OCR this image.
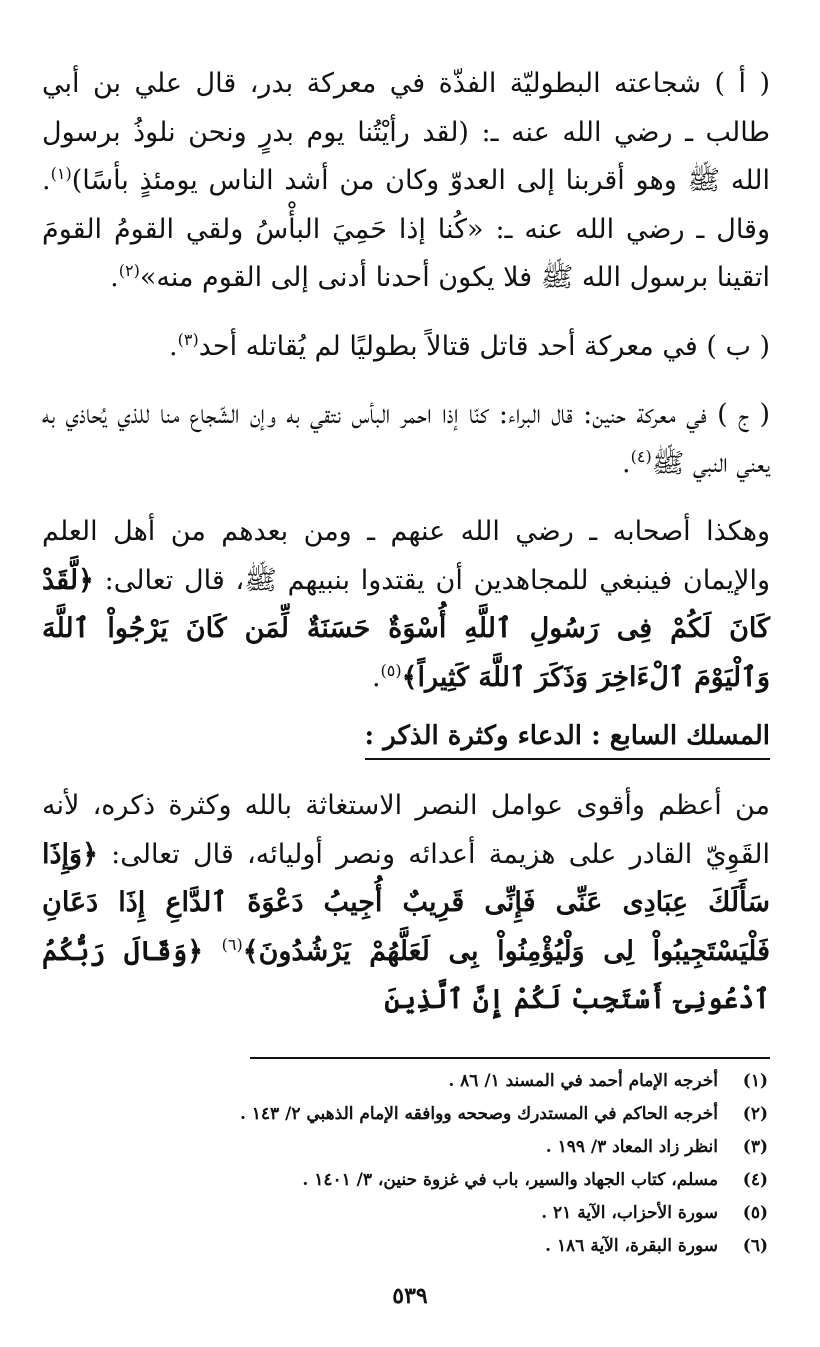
( أ ) شجاعته البطوليّة الفذّة في معركة بدر، قال علي بن أبي طالب ـ رضي الله عنه ـ: (لقد رأيْتُنا يوم بدرٍ ونحن نلوذُ برسول الله ﷺ وهو أقربنا إلى العدوّ وكان من أشد الناس يومئذٍ بأسًا)$^{(١)}$. وقال ـ رضي الله عنه ـ: «كُنا إذا حَمِيَ البأْسُ ولقي القومُ القومَ اتقينا برسول الله ﷺ فلا يكون أحدنا أدنى إلى القوم منه»$^{(٢)}$.

( ب ) في معركة أحد قاتل قتالاً بطوليًا لم يُقاتله أحد$^{(٣)}$.

( ج ) في معركة حنين: قال البراء: كنّا إذا احمر البأس نتقي به وإن الشّجاع منا للذي يُحاذي به يعني النبي ﷺ$^{(٤)}$.

وهكذا أصحابه ـ رضي الله عنهم ـ ومن بعدهم من أهل العلم والإيمان فينبغي للمجاهدين أن يقتدوا بنبيهم ﷺ، قال تعالى: ﴿لَّقَدْ كَانَ لَكُمْ فِى رَسُولِ ٱللَّهِ أُسْوَةٌ حَسَنَةٌ لِّمَن كَانَ يَرْجُواْ ٱللَّهَ وَٱلْيَوْمَ ٱلْءَاخِرَ وَذَكَرَ ٱللَّهَ كَثِيراً﴾$^{(٥)}$.

المسلك السابع : الدعاء وكثرة الذكر :

من أعظم وأقوى عوامل النصر الاستغاثة بالله وكثرة ذكره، لأنه القَوِيّ القادر على هزيمة أعدائه ونصر أوليائه، قال تعالى: ﴿وَإِذَا سَأَلَكَ عِبَادِى عَنِّى فَإِنِّى قَرِيبٌ أُجِيبُ دَعْوَةَ ٱلدَّاعِ إِذَا دَعَانِ فَلْيَسْتَجِيبُواْ لِى وَلْيُؤْمِنُواْ بِى لَعَلَّهُمْ يَرْشُدُونَ﴾$^{(٦)}$ ﴿وَقَالَ رَبُّكُمُ ٱدْعُونِىٓ أَسْتَجِبْ لَكُمْ إِنَّ ٱلَّذِينَ

(١)
أخرجه الإمام أحمد في المسند ١/ ٨٦ .
(٢)
أخرجه الحاكم في المستدرك وصححه ووافقه الإمام الذهبي ٢/ ١٤٣ .
(٣)
انظر زاد المعاد ٣/ ١٩٩ .
(٤)
مسلم، كتاب الجهاد والسير، باب في غزوة حنين، ٣/ ١٤٠١ .
(٥)
سورة الأحزاب، الآية ٢١ .
(٦)
سورة البقرة، الآية ١٨٦ .
٥٣٩
